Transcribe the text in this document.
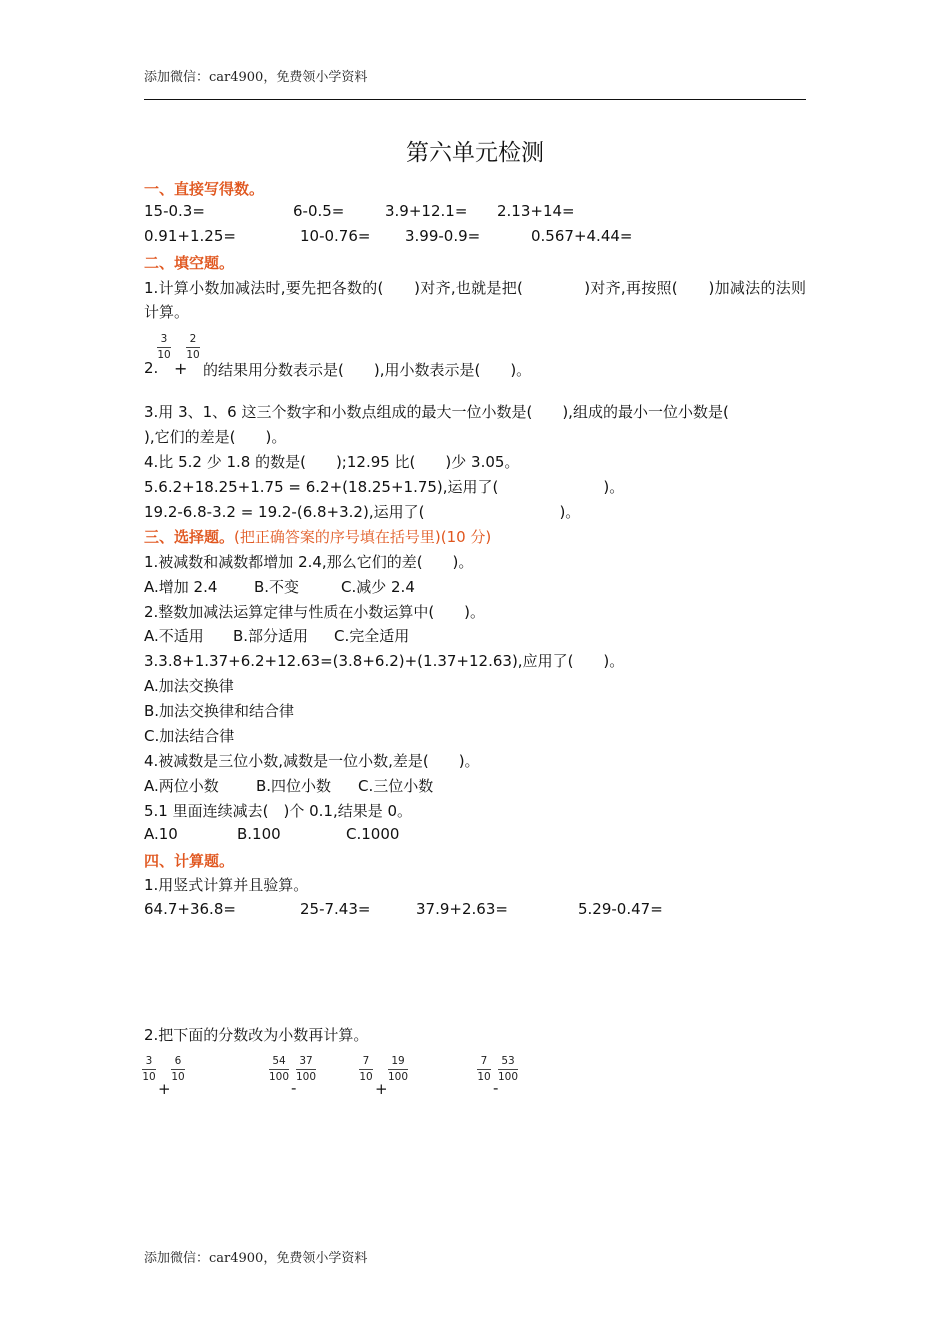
添加微信：car4900，免费领小学资料
第六单元检测
一、直接写得数。
15-0.3=	6-0.5=	3.9+12.1= 2.13+14=
0.91+1.25=	10-0.76= 3.99-0.9=	0.567+4.44=
二、填空题。
1.计算小数加减法时,要先把各数的(　　)对齐,也就是把(　　　　)对齐,再按照(　　)加减法的法则计算。
3
10
2
10
2. + 的结果用分数表示是(　　),用小数表示是(　　)。
3.用 3、1、6 这三个数字和小数点组成的最大一位小数是(　　),组成的最小一位小数是(
),它们的差是(　　)。
4.比 5.2 少 1.8 的数是(　　);12.95 比(　　)少 3.05。
5.6.2+18.25+1.75 = 6.2+(18.25+1.75),运用了(　　　　　　　)。
19.2-6.8-3.2 = 19.2-(6.8+3.2),运用了(　　　　　　　　　)。
三、选择题。(把正确答案的序号填在括号里)(10 分)
1.被减数和减数都增加 2.4,那么它们的差(　　)。
A.增加 2.4 B.不变	C.减少 2.4
2.整数加减法运算定律与性质在小数运算中(　　)。
A.不适用 B.部分适用 C.完全适用
3.3.8+1.37+6.2+12.63=(3.8+6.2)+(1.37+12.63),应用了(　　)。
A.加法交换律
B.加法交换律和结合律
C.加法结合律
4.被减数是三位小数,减数是一位小数,差是(　　)。
A.两位小数 B.四位小数 C.三位小数
5.1 里面连续减去(　)个 0.1,结果是 0。
A.10	B.100	C.1000
四、计算题。
1.用竖式计算并且验算。
64.7+36.8=	25-7.43=	37.9+2.63=	5.29-0.47=
2.把下面的分数改为小数再计算。
3
10
+
6
10
54
100
-
37
100
7
10
+
19
100
7
10
-
53
100
添加微信：car4900，免费领小学资料
